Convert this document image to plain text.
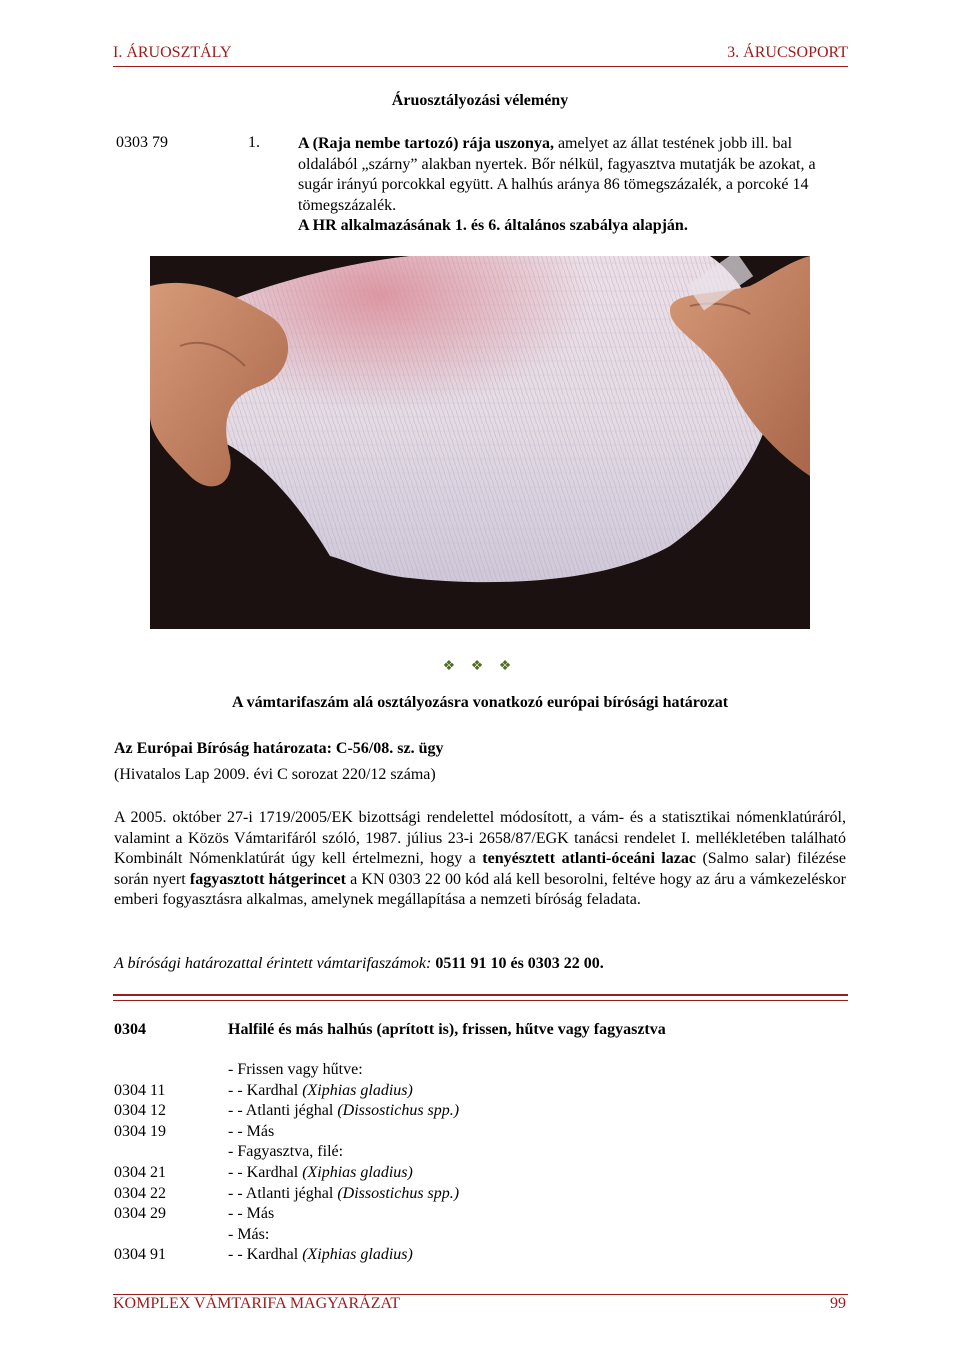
I. ÁRUOSZTÁLY	3. ÁRUCSOPORT
Áruosztályozási vélemény
0303 79	1. A (Raja nembe tartozó) rája uszonya, amelyet az állat testének jobb ill. bal oldalából „szárny” alakban nyertek. Bőr nélkül, fagyasztva mutatják be azokat, a sugár irányú porcokkal együtt. A halhús aránya 86 tömegszázalék, a porcoké 14 tömegszázalék.

A HR alkalmazásának 1. és 6. általános szabálya alapján.

❖ ❖ ❖
A vámtarifaszám alá osztályozásra vonatkozó európai bírósági határozat
Az Európai Bíróság határozata: C-56/08. sz. ügy
(Hivatalos Lap 2009. évi C sorozat 220/12 száma)
A 2005. október 27-i 1719/2005/EK bizottsági rendelettel módosított, a vám- és a statisztikai nómenklatúráról, valamint a Közös Vámtarifáról szóló, 1987. július 23-i 2658/87/EGK tanácsi rendelet I. mellékletében található Kombinált Nómenklatúrát úgy kell értelmezni, hogy a tenyésztett atlanti-óceáni lazac (Salmo salar) filézése során nyert fagyasztott hátgerincet a KN 0303 22 00 kód alá kell besorolni, feltéve hogy az áru a vámkezeléskor emberi fogyasztásra alkalmas, amelynek megállapítása a nemzeti bíróság feladata.
A bírósági határozattal érintett vámtarifaszámok: 0511 91 10 és 0303 22 00.
0304	Halfilé és más halhús (aprított is), frissen, hűtve vagy fagyasztva
- Frissen vagy hűtve:
0304 11	- - Kardhal (Xiphias gladius)
0304 12	- - Atlanti jéghal (Dissostichus spp.)
0304 19	- - Más
- Fagyasztva, filé:
0304 21	- - Kardhal (Xiphias gladius)
0304 22	- - Atlanti jéghal (Dissostichus spp.)
0304 29	- - Más
- Más:
0304 91	- - Kardhal (Xiphias gladius)
KOMPLEX VÁMTARIFA MAGYARÁZAT	99
